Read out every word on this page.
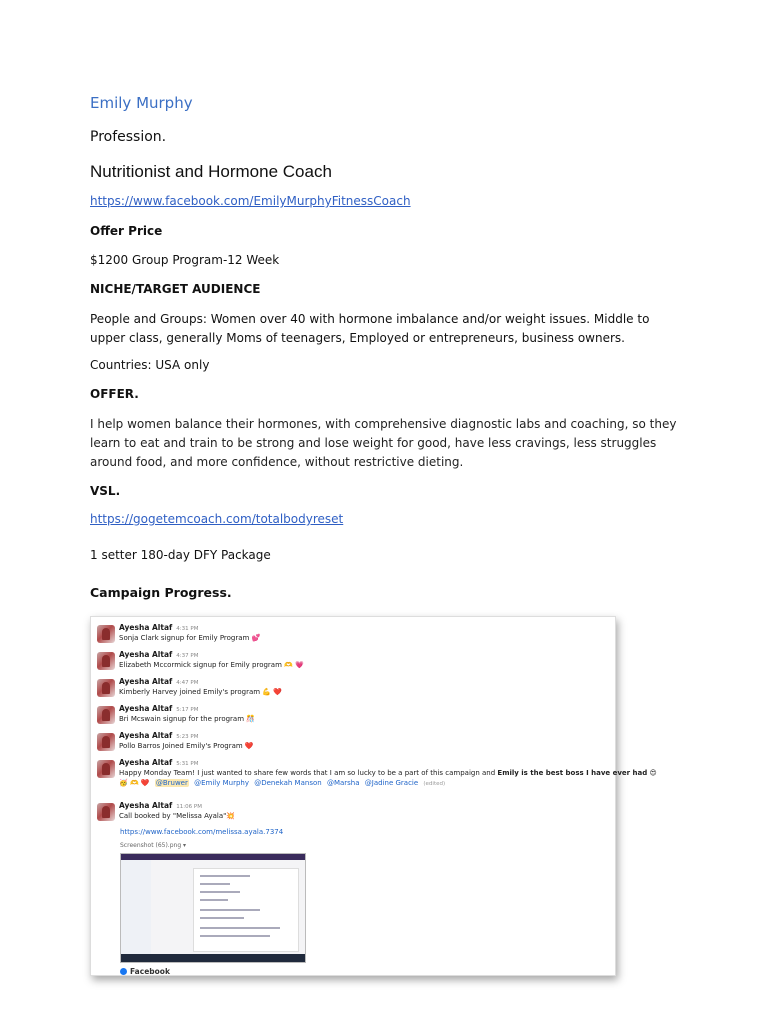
Emily Murphy
Profession.
Nutritionist and Hormone Coach
https://www.facebook.com/EmilyMurphyFitnessCoach
Offer Price
$1200 Group Program-12 Week
NICHE/TARGET AUDIENCE
People and Groups: Women over 40 with hormone imbalance and/or weight issues. Middle to upper class, generally Moms of teenagers, Employed or entrepreneurs, business owners.
Countries: USA only
OFFER.
I help women balance their hormones, with comprehensive diagnostic labs and coaching, so they learn to eat and train to be strong and lose weight for good, have less cravings, less struggles around food, and more confidence, without restrictive dieting.
VSL.
https://gogetemcoach.com/totalbodyreset
1 setter 180-day DFY Package
Campaign Progress.
Ayesha Altaf 4:31 PM
Sonja Clark signup for Emily Program 💕
Ayesha Altaf 4:37 PM
Elizabeth Mccormick signup for Emily program 🫶 💗
Ayesha Altaf 4:47 PM
Kimberly Harvey joined Emily's program 💪 ❤️
Ayesha Altaf 5:17 PM
Bri Mcswain signup for the program 🎊
Ayesha Altaf 5:23 PM
Pollo Barros Joined Emily's Program ❤️
Ayesha Altaf 5:31 PM
Happy Monday Team! I just wanted to share few words that I am so lucky to be a part of this campaign and Emily is the best boss I have ever had 😍
🥳 🫶 ❤️ @Bruwer @Emily Murphy @Denekah Manson @Marsha @Jadine Gracie (edited)
Ayesha Altaf 11:06 PM
Call booked by "Melissa Ayala"💥
https://www.facebook.com/melissa.ayala.7374
Screenshot (65).png ▾
Facebook
